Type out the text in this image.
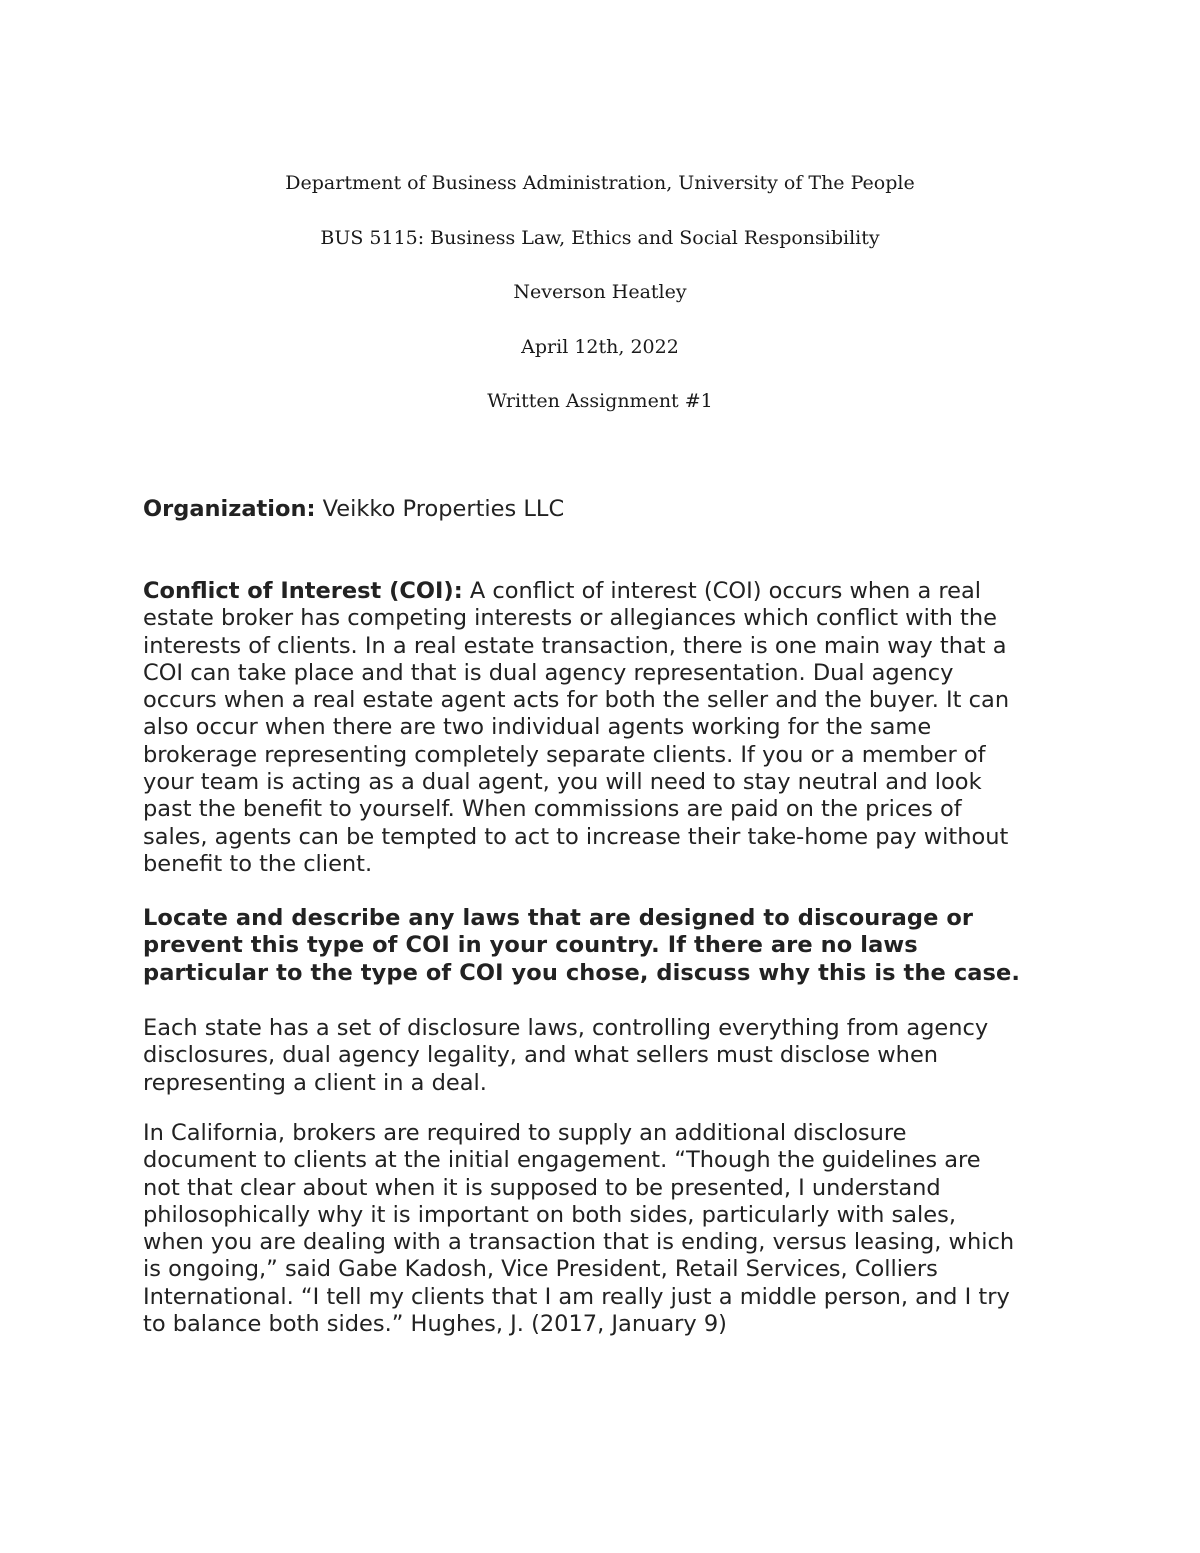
Department of Business Administration, University of The People

BUS 5115: Business Law, Ethics and Social Responsibility

Neverson Heatley

April 12th, 2022

Written Assignment #1

Organization: Veikko Properties LLC

Conflict of Interest (COI): A conflict of interest (COI) occurs when a real
estate broker has competing interests or allegiances which conflict with the
interests of clients. In a real estate transaction, there is one main way that a
COI can take place and that is dual agency representation. Dual agency
occurs when a real estate agent acts for both the seller and the buyer. It can
also occur when there are two individual agents working for the same
brokerage representing completely separate clients. If you or a member of
your team is acting as a dual agent, you will need to stay neutral and look
past the benefit to yourself. When commissions are paid on the prices of
sales, agents can be tempted to act to increase their take-home pay without
benefit to the client.

Locate and describe any laws that are designed to discourage or
prevent this type of COI in your country. If there are no laws
particular to the type of COI you chose, discuss why this is the case.

Each state has a set of disclosure laws, controlling everything from agency
disclosures, dual agency legality, and what sellers must disclose when
representing a client in a deal.

In California, brokers are required to supply an additional disclosure
document to clients at the initial engagement. “Though the guidelines are
not that clear about when it is supposed to be presented, I understand
philosophically why it is important on both sides, particularly with sales,
when you are dealing with a transaction that is ending, versus leasing, which
is ongoing,” said Gabe Kadosh, Vice President, Retail Services, Colliers
International. “I tell my clients that I am really just a middle person, and I try
to balance both sides.” Hughes, J. (2017, January 9)
